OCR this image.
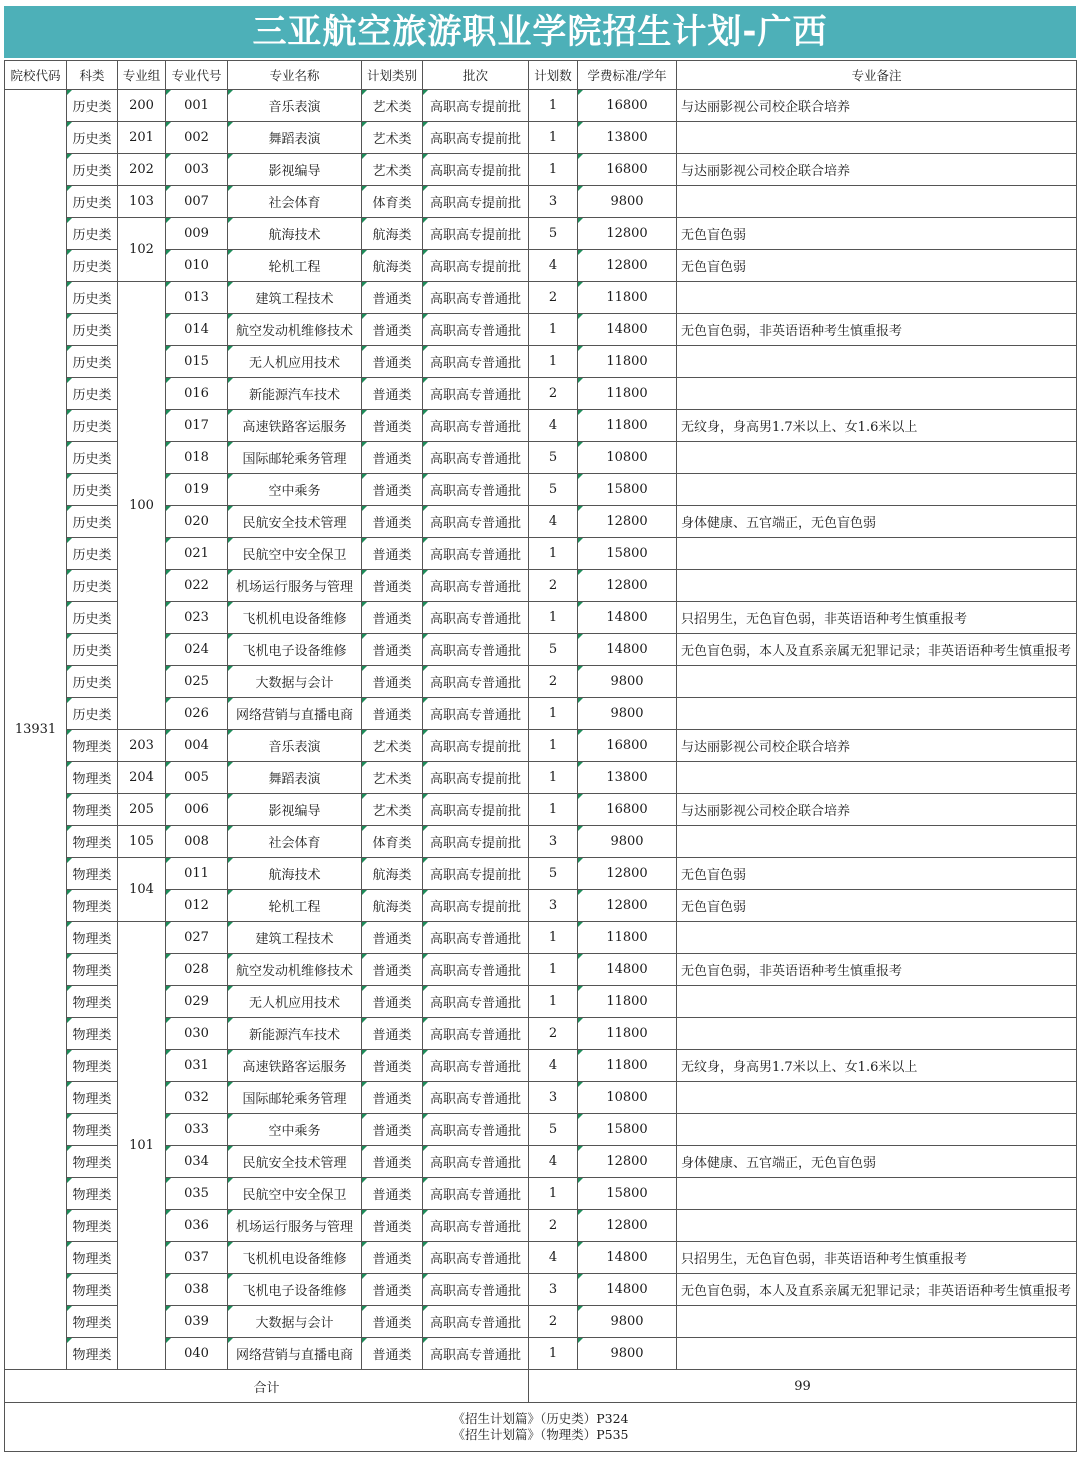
三亚航空旅游职业学院招生计划-广西
院校代码	科类	专业组	专业代号	专业名称	计划类别	批次	计划数	学费标准/学年	专业备注
13931	历史类	200	001	音乐表演	艺术类	高职高专提前批	1	16800	与达丽影视公司校企联合培养
	历史类	201	002	舞蹈表演	艺术类	高职高专提前批	1	13800	
	历史类	202	003	影视编导	艺术类	高职高专提前批	1	16800	与达丽影视公司校企联合培养
	历史类	103	007	社会体育	体育类	高职高专提前批	3	9800	
	历史类	102	009	航海技术	航海类	高职高专提前批	5	12800	无色盲色弱
	历史类		010	轮机工程	航海类	高职高专提前批	4	12800	无色盲色弱
	历史类	100	013	建筑工程技术	普通类	高职高专普通批	2	11800	
	历史类		014	航空发动机维修技术	普通类	高职高专普通批	1	14800	无色盲色弱，非英语语种考生慎重报考
	历史类		015	无人机应用技术	普通类	高职高专普通批	1	11800	
	历史类		016	新能源汽车技术	普通类	高职高专普通批	2	11800	
	历史类		017	高速铁路客运服务	普通类	高职高专普通批	4	11800	无纹身，身高男1.7米以上、女1.6米以上
	历史类		018	国际邮轮乘务管理	普通类	高职高专普通批	5	10800	
	历史类		019	空中乘务	普通类	高职高专普通批	5	15800	
	历史类		020	民航安全技术管理	普通类	高职高专普通批	4	12800	身体健康、五官端正，无色盲色弱
	历史类		021	民航空中安全保卫	普通类	高职高专普通批	1	15800	
	历史类		022	机场运行服务与管理	普通类	高职高专普通批	2	12800	
	历史类		023	飞机机电设备维修	普通类	高职高专普通批	1	14800	只招男生，无色盲色弱，非英语语种考生慎重报考
	历史类		024	飞机电子设备维修	普通类	高职高专普通批	5	14800	无色盲色弱，本人及直系亲属无犯罪记录；非英语语种考生慎重报考
	历史类		025	大数据与会计	普通类	高职高专普通批	2	9800	
	历史类		026	网络营销与直播电商	普通类	高职高专普通批	1	9800	
	物理类	203	004	音乐表演	艺术类	高职高专提前批	1	16800	与达丽影视公司校企联合培养
	物理类	204	005	舞蹈表演	艺术类	高职高专提前批	1	13800	
	物理类	205	006	影视编导	艺术类	高职高专提前批	1	16800	与达丽影视公司校企联合培养
	物理类	105	008	社会体育	体育类	高职高专提前批	3	9800	
	物理类	104	011	航海技术	航海类	高职高专提前批	5	12800	无色盲色弱
	物理类		012	轮机工程	航海类	高职高专提前批	3	12800	无色盲色弱
	物理类	101	027	建筑工程技术	普通类	高职高专普通批	1	11800	
	物理类		028	航空发动机维修技术	普通类	高职高专普通批	1	14800	无色盲色弱，非英语语种考生慎重报考
	物理类		029	无人机应用技术	普通类	高职高专普通批	1	11800	
	物理类		030	新能源汽车技术	普通类	高职高专普通批	2	11800	
	物理类		031	高速铁路客运服务	普通类	高职高专普通批	4	11800	无纹身，身高男1.7米以上、女1.6米以上
	物理类		032	国际邮轮乘务管理	普通类	高职高专普通批	3	10800	
	物理类		033	空中乘务	普通类	高职高专普通批	5	15800	
	物理类		034	民航安全技术管理	普通类	高职高专普通批	4	12800	身体健康、五官端正，无色盲色弱
	物理类		035	民航空中安全保卫	普通类	高职高专普通批	1	15800	
	物理类		036	机场运行服务与管理	普通类	高职高专普通批	2	12800	
	物理类		037	飞机机电设备维修	普通类	高职高专普通批	4	14800	只招男生，无色盲色弱，非英语语种考生慎重报考
	物理类		038	飞机电子设备维修	普通类	高职高专普通批	3	14800	无色盲色弱，本人及直系亲属无犯罪记录；非英语语种考生慎重报考
	物理类		039	大数据与会计	普通类	高职高专普通批	2	9800	
	物理类		040	网络营销与直播电商	普通类	高职高专普通批	1	9800	
合计							99		

《招生计划篇》（历史类）P324
《招生计划篇》（物理类）P535									
